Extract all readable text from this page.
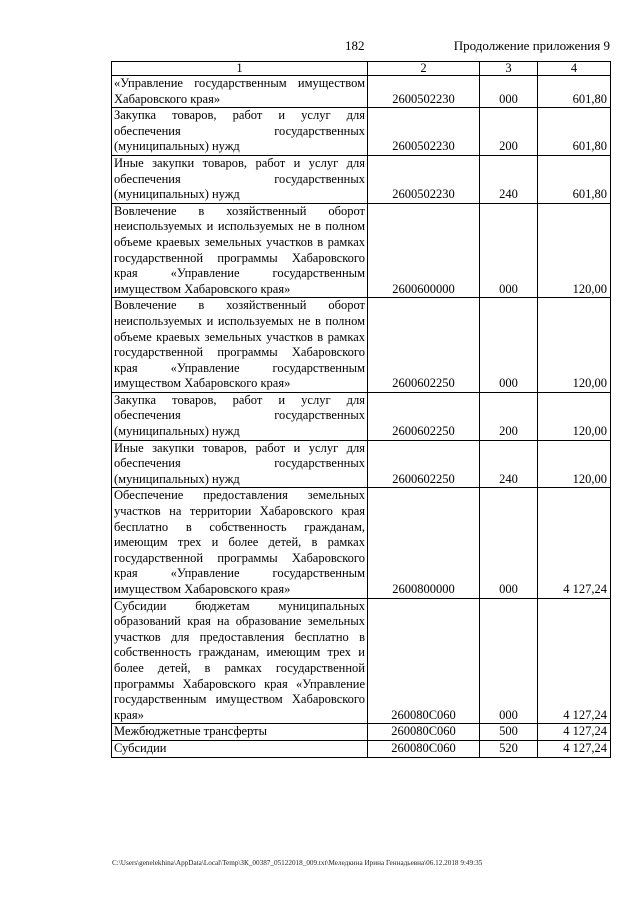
182	Продолжение приложения 9
1	2	3	4
«Управление государственным имуществом Хабаровского края»	2600502230	000	601,80
Закупка товаров, работ и услуг для обеспечения государственных (муниципальных) нужд	2600502230	200	601,80
Иные закупки товаров, работ и услуг для обеспечения государственных (муниципальных) нужд	2600502230	240	601,80
Вовлечение в хозяйственный оборот неиспользуемых и используемых не в полном объеме краевых земельных участков в рамках государственной программы Хабаровского края «Управление государственным имуществом Хабаровского края»	2600600000	000	120,00
Вовлечение в хозяйственный оборот неиспользуемых и используемых не в полном объеме краевых земельных участков в рамках государственной программы Хабаровского края «Управление государственным имуществом Хабаровского края»	2600602250	000	120,00
Закупка товаров, работ и услуг для обеспечения государственных (муниципальных) нужд	2600602250	200	120,00
Иные закупки товаров, работ и услуг для обеспечения государственных (муниципальных) нужд	2600602250	240	120,00
Обеспечение предоставления земельных участков на территории Хабаровского края бесплатно в собственность гражданам, имеющим трех и более детей, в рамках государственной программы Хабаровского края «Управление государственным имуществом Хабаровского края»	2600800000	000	4 127,24
Субсидии бюджетам муниципальных образований края на образование земельных участков для предоставления бесплатно в собственность гражданам, имеющим трех и более детей, в рамках государственной программы Хабаровского края «Управление государственным имуществом Хабаровского края»	260080С060	000	4 127,24
Межбюджетные трансферты	260080С060	500	4 127,24
Субсидии	260080С060	520	4 127,24
C:\Users\genelekhina\AppData\Local\Temp\ЗК_00387_05122018_009.txt\Меледкина Ирина Геннадьевна\06.12.2018 9:49:35
